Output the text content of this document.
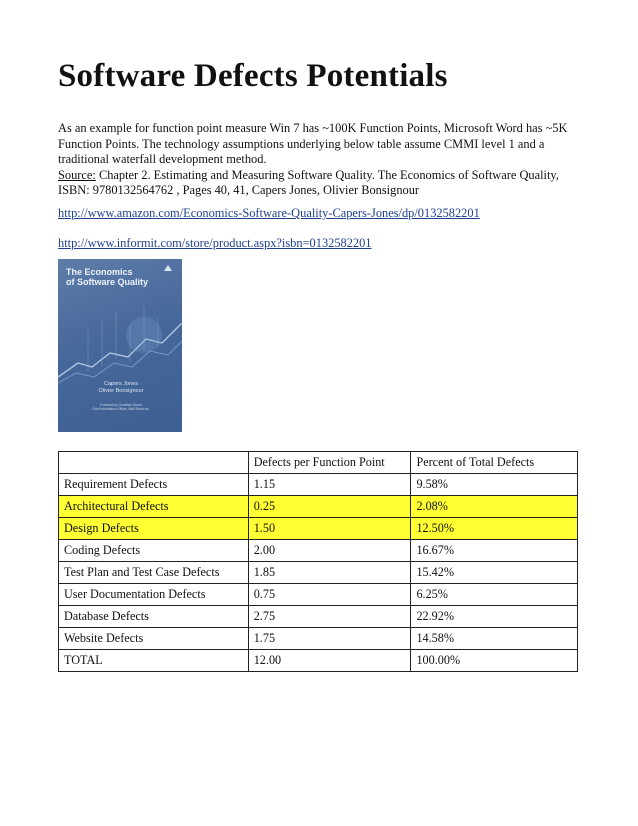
Software Defects Potentials

As an example for function point measure Win 7 has ~100K Function Points, Microsoft Word has ~5K Function Points. The technology assumptions underlying below table assume CMMI level 1 and a traditional waterfall development method.

Source: Chapter 2. Estimating and Measuring Software Quality. The Economics of Software Quality, ISBN: 9780132564762 , Pages 40, 41, Capers Jones, Olivier Bonsignour

http://www.amazon.com/Economics-Software-Quality-Capers-Jones/dp/0132582201
http://www.informit.com/store/product.aspx?isbn=0132582201
The Economics
of Software Quality
Capers Jones
Olivier Bonsignour
Foreword by Jonathan Hirsch
Chief Information Officer, Wall Street Inc.
	Defects per Function Point	Percent of Total Defects
Requirement Defects	1.15	9.58%
Architectural Defects	0.25	2.08%
Design Defects	1.50	12.50%
Coding Defects	2.00	16.67%
Test Plan and Test Case Defects	1.85	15.42%
User Documentation Defects	0.75	6.25%
Database Defects	2.75	22.92%
Website Defects	1.75	14.58%
TOTAL	12.00	100.00%
